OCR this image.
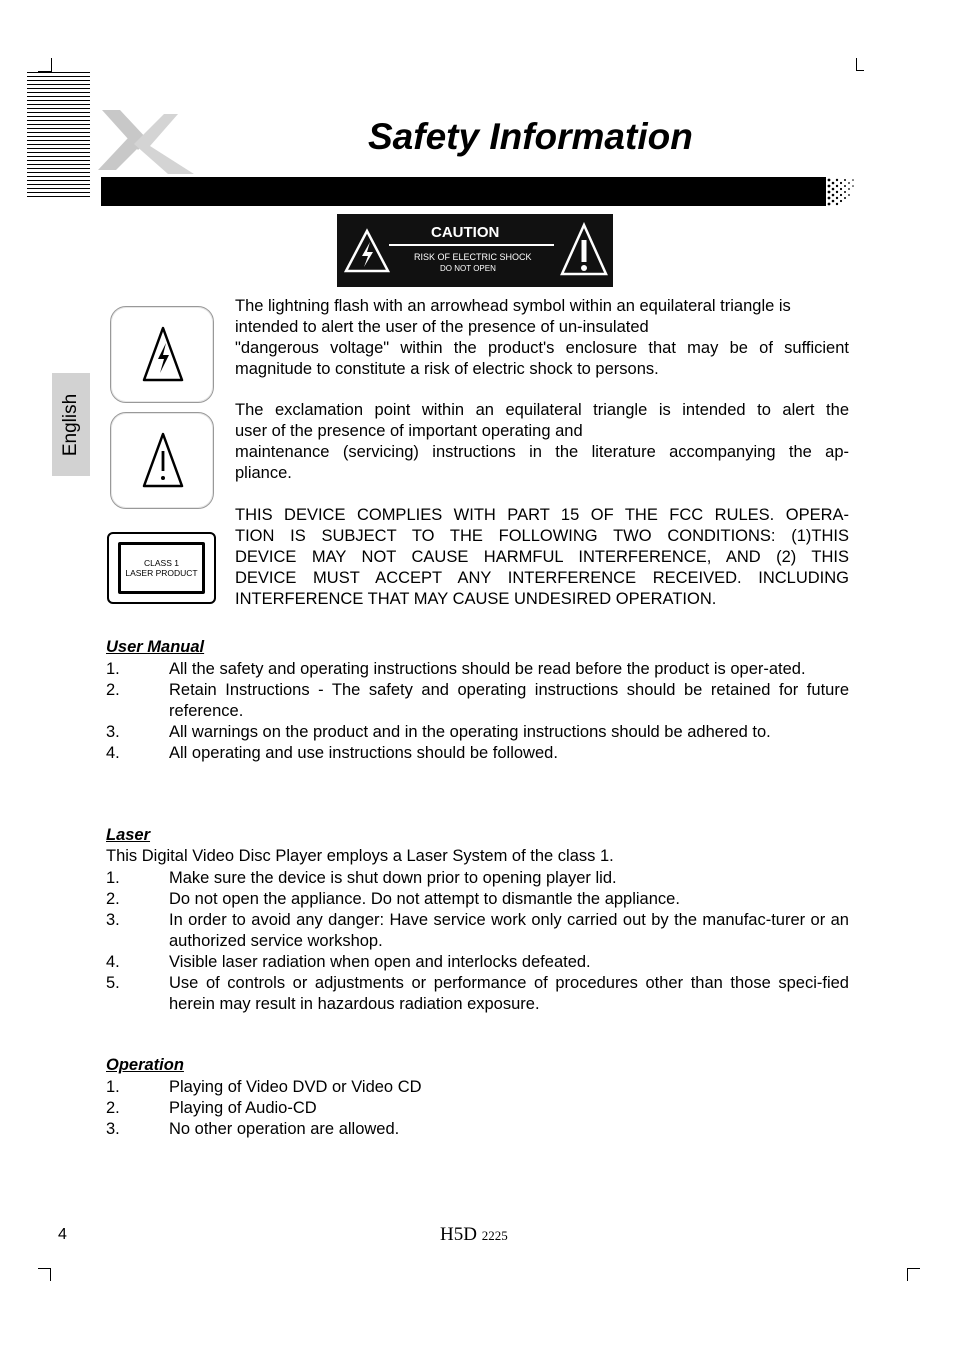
Safety Information
English
CAUTION
RISK OF ELECTRIC SHOCK
DO NOT OPEN
CLASS 1
LASER PRODUCT
The lightning flash with an arrowhead symbol within an equilateral triangle is
intended to alert the user of the presence of un-insulated
"dangerous voltage" within the product's enclosure that may be of sufficient
magnitude to constitute a risk of electric shock to persons.
The exclamation point within an equilateral triangle is intended to alert the
user of the presence of important operating and
maintenance (servicing) instructions in the literature accompanying the ap-
pliance.
THIS DEVICE COMPLIES WITH PART 15 OF THE FCC RULES. OPERA-
TION IS SUBJECT TO THE FOLLOWING TWO CONDITIONS: (1)THIS
DEVICE MAY NOT CAUSE HARMFUL INTERFERENCE, AND (2) THIS
DEVICE MUST ACCEPT ANY INTERFERENCE RECEIVED. INCLUDING
INTERFERENCE THAT MAY CAUSE UNDESIRED OPERATION.
User Manual
1.	All the safety and operating instructions should be read before the product is oper-ated.
2.	Retain Instructions - The safety and operating instructions should be retained for future reference.
3.	All warnings on the product and in the operating instructions should be adhered to.
4.	All operating and use instructions should be followed.
Laser
This Digital Video Disc Player employs a Laser System of the class 1.
1.	Make sure the device is shut down prior to opening player lid.
2.	Do not open the appliance. Do not attempt to dismantle the appliance.
3.	In order to avoid any danger: Have service work only carried out by the manufac-turer or an authorized service workshop.
4.	Visible laser radiation when open and interlocks defeated.
5.	Use of controls or adjustments or performance of procedures other than those speci-fied herein may result in hazardous radiation exposure.
Operation
1.	Playing of Video DVD or Video CD
2.	Playing of Audio-CD
3.	No other operation are allowed.
4	H5D 2225
